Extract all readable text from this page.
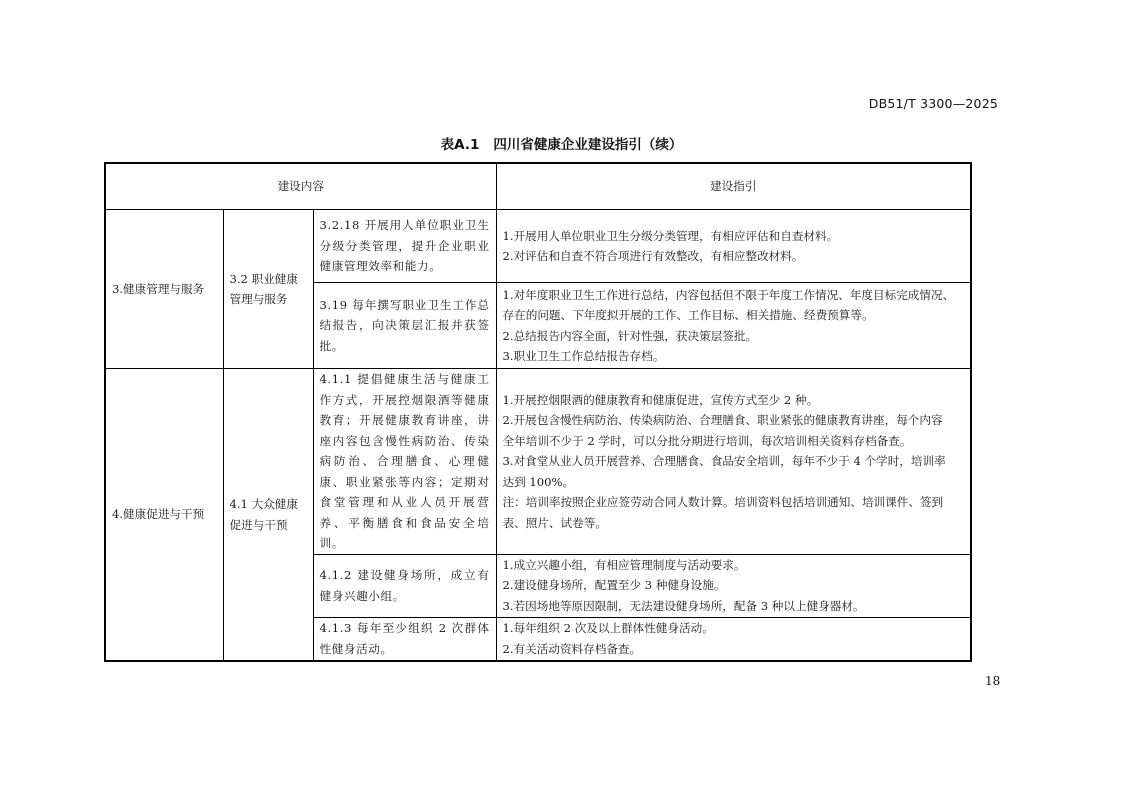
DB51/T 3300—2025
表A.1 四川省健康企业建设指引（续）
建设内容			建设指引
3.健康管理与服务	3.2 职业健康管理与服务	3.2.18 开展用人单位职业卫生分级分类管理，提升企业职业健康管理效率和能力。	1.开展用人单位职业卫生分级分类管理，有相应评估和自查材料。
2.对评估和自查不符合项进行有效整改，有相应整改材料。

		3.19 每年撰写职业卫生工作总结报告，向决策层汇报并获签批。	1.对年度职业卫生工作进行总结，内容包括但不限于年度工作情况、年度目标完成情况、
存在的问题、下年度拟开展的工作、工作目标、相关措施、经费预算等。
2.总结报告内容全面，针对性强，获决策层签批。
3.职业卫生工作总结报告存档。

4.健康促进与干预	4.1 大众健康促进与干预	4.1.1 提倡健康生活与健康工作方式，开展控烟限酒等健康教育；开展健康教育讲座，讲座内容包含慢性病防治、传染病防治、合理膳食、心理健康、职业紧张等内容；定期对食堂管理和从业人员开展营养、平衡膳食和食品安全培训。	
1.开展控烟限酒的健康教育和健康促进，宣传方式至少 2 种。
2.开展包含慢性病防治、传染病防治、合理膳食、职业紧张的健康教育讲座，每个内容
全年培训不少于 2 学时，可以分批分期进行培训，每次培训相关资料存档备查。
3.对食堂从业人员开展营养、合理膳食、食品安全培训，每年不少于 4 个学时，培训率
达到 100%。
注：培训率按照企业应签劳动合同人数计算。培训资料包括培训通知、培训课件、签到
表、照片、试卷等。

		4.1.2 建设健身场所，成立有健身兴趣小组。	1.成立兴趣小组，有相应管理制度与活动要求。
2.建设健身场所，配置至少 3 种健身设施。
3.若因场地等原因限制，无法建设健身场所，配备 3 种以上健身器材。

		4.1.3 每年至少组织 2 次群体性健身活动。	1.每年组织 2 次及以上群体性健身活动。
2.有关活动资料存档备查。
18
